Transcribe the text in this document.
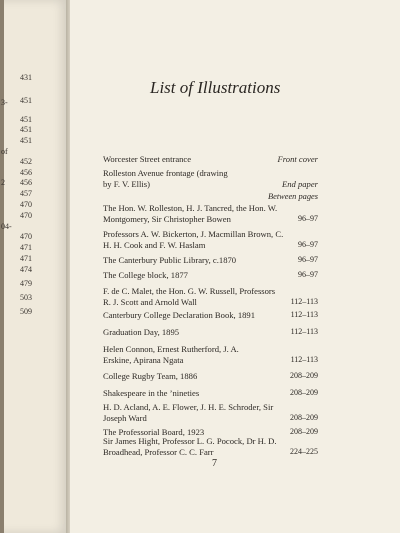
3-
of
2
04-
431
451
451
451
451
452
456
456
457
470
470
470
471
471
474
479
503
509
List of Illustrations
Worcester Street entrance	Front cover
Rolleston Avenue frontage (drawing by F. V. Ellis)	End paper
Between pages
The Hon. W. Rolleston, H. J. Tancred, the Hon. W. Montgomery, Sir Christopher Bowen	96–97
Professors A. W. Bickerton, J. Macmillan Brown, C. H. H. Cook and F. W. Haslam	96–97
The Canterbury Public Library, c.1870	96–97
The College block, 1877	96–97
F. de C. Malet, the Hon. G. W. Russell, Professors R. J. Scott and Arnold Wall	112–113
Canterbury College Declaration Book, 1891	112–113
Graduation Day, 1895	112–113
Helen Connon, Ernest Rutherford, J. A. Erskine, Apirana Ngata	112–113
College Rugby Team, 1886	208–209
Shakespeare in the ’nineties	208–209
H. D. Acland, A. E. Flower, J. H. E. Schroder, Sir Joseph Ward	208–209
The Professorial Board, 1923	208–209
Sir James Hight, Professor L. G. Pocock, Dr H. D. Broadhead, Professor C. C. Farr	224–225
7
